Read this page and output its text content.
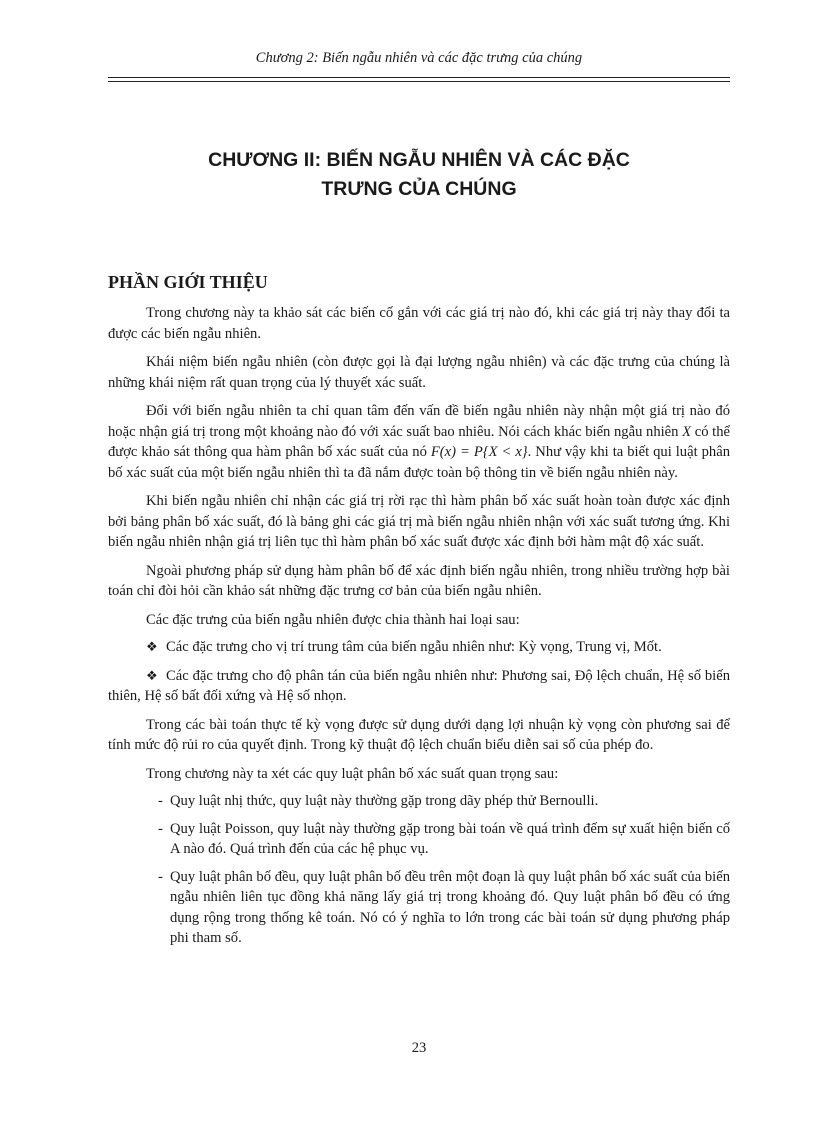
Chương 2: Biến ngẫu nhiên và các đặc trưng của chúng
CHƯƠNG II: BIẾN NGẪU NHIÊN VÀ CÁC ĐẶC
TRƯNG CỦA CHÚNG
PHẦN GIỚI THIỆU

Trong chương này ta khảo sát các biến cố gắn với các giá trị nào đó, khi các giá trị này thay đổi ta được các biến ngẫu nhiên.

Khái niệm biến ngẫu nhiên (còn được gọi là đại lượng ngẫu nhiên) và các đặc trưng của chúng là những khái niệm rất quan trọng của lý thuyết xác suất.

Đối với biến ngẫu nhiên ta chỉ quan tâm đến vấn đề biến ngẫu nhiên này nhận một giá trị nào đó hoặc nhận giá trị trong một khoảng nào đó với xác suất bao nhiêu. Nói cách khác biến ngẫu nhiên X có thể được khảo sát thông qua hàm phân bố xác suất của nó F(x) = P{X < x}. Như vậy khi ta biết qui luật phân bố xác suất của một biến ngẫu nhiên thì ta đã nắm được toàn bộ thông tin về biến ngẫu nhiên này.

Khi biến ngẫu nhiên chỉ nhận các giá trị rời rạc thì hàm phân bố xác suất hoàn toàn được xác định bởi bảng phân bố xác suất, đó là bảng ghi các giá trị mà biến ngẫu nhiên nhận với xác suất tương ứng. Khi biến ngẫu nhiên nhận giá trị liên tục thì hàm phân bố xác suất được xác định bởi hàm mật độ xác suất.

Ngoài phương pháp sử dụng hàm phân bố để xác định biến ngẫu nhiên, trong nhiều trường hợp bài toán chỉ đòi hỏi cần khảo sát những đặc trưng cơ bản của biến ngẫu nhiên.

Các đặc trưng của biến ngẫu nhiên được chia thành hai loại sau:

❖ Các đặc trưng cho vị trí trung tâm của biến ngẫu nhiên như: Kỳ vọng, Trung vị, Mốt.

❖ Các đặc trưng cho độ phân tán của biến ngẫu nhiên như: Phương sai, Độ lệch chuẩn, Hệ số biến thiên, Hệ số bất đối xứng và Hệ số nhọn.

Trong các bài toán thực tế kỳ vọng được sử dụng dưới dạng lợi nhuận kỳ vọng còn phương sai để tính mức độ rủi ro của quyết định. Trong kỹ thuật độ lệch chuẩn biểu diễn sai số của phép đo.

Trong chương này ta xét các quy luật phân bố xác suất quan trọng sau:

- Quy luật nhị thức, quy luật này thường gặp trong dãy phép thử Bernoulli.
- Quy luật Poisson, quy luật này thường gặp trong bài toán về quá trình đếm sự xuất hiện biến cố A nào đó. Quá trình đến của các hệ phục vụ.
- Quy luật phân bố đều, quy luật phân bố đều trên một đoạn là quy luật phân bố xác suất của biến ngẫu nhiên liên tục đồng khả năng lấy giá trị trong khoảng đó. Quy luật phân bố đều có ứng dụng rộng trong thống kê toán. Nó có ý nghĩa to lớn trong các bài toán sử dụng phương pháp phi tham số.
23
